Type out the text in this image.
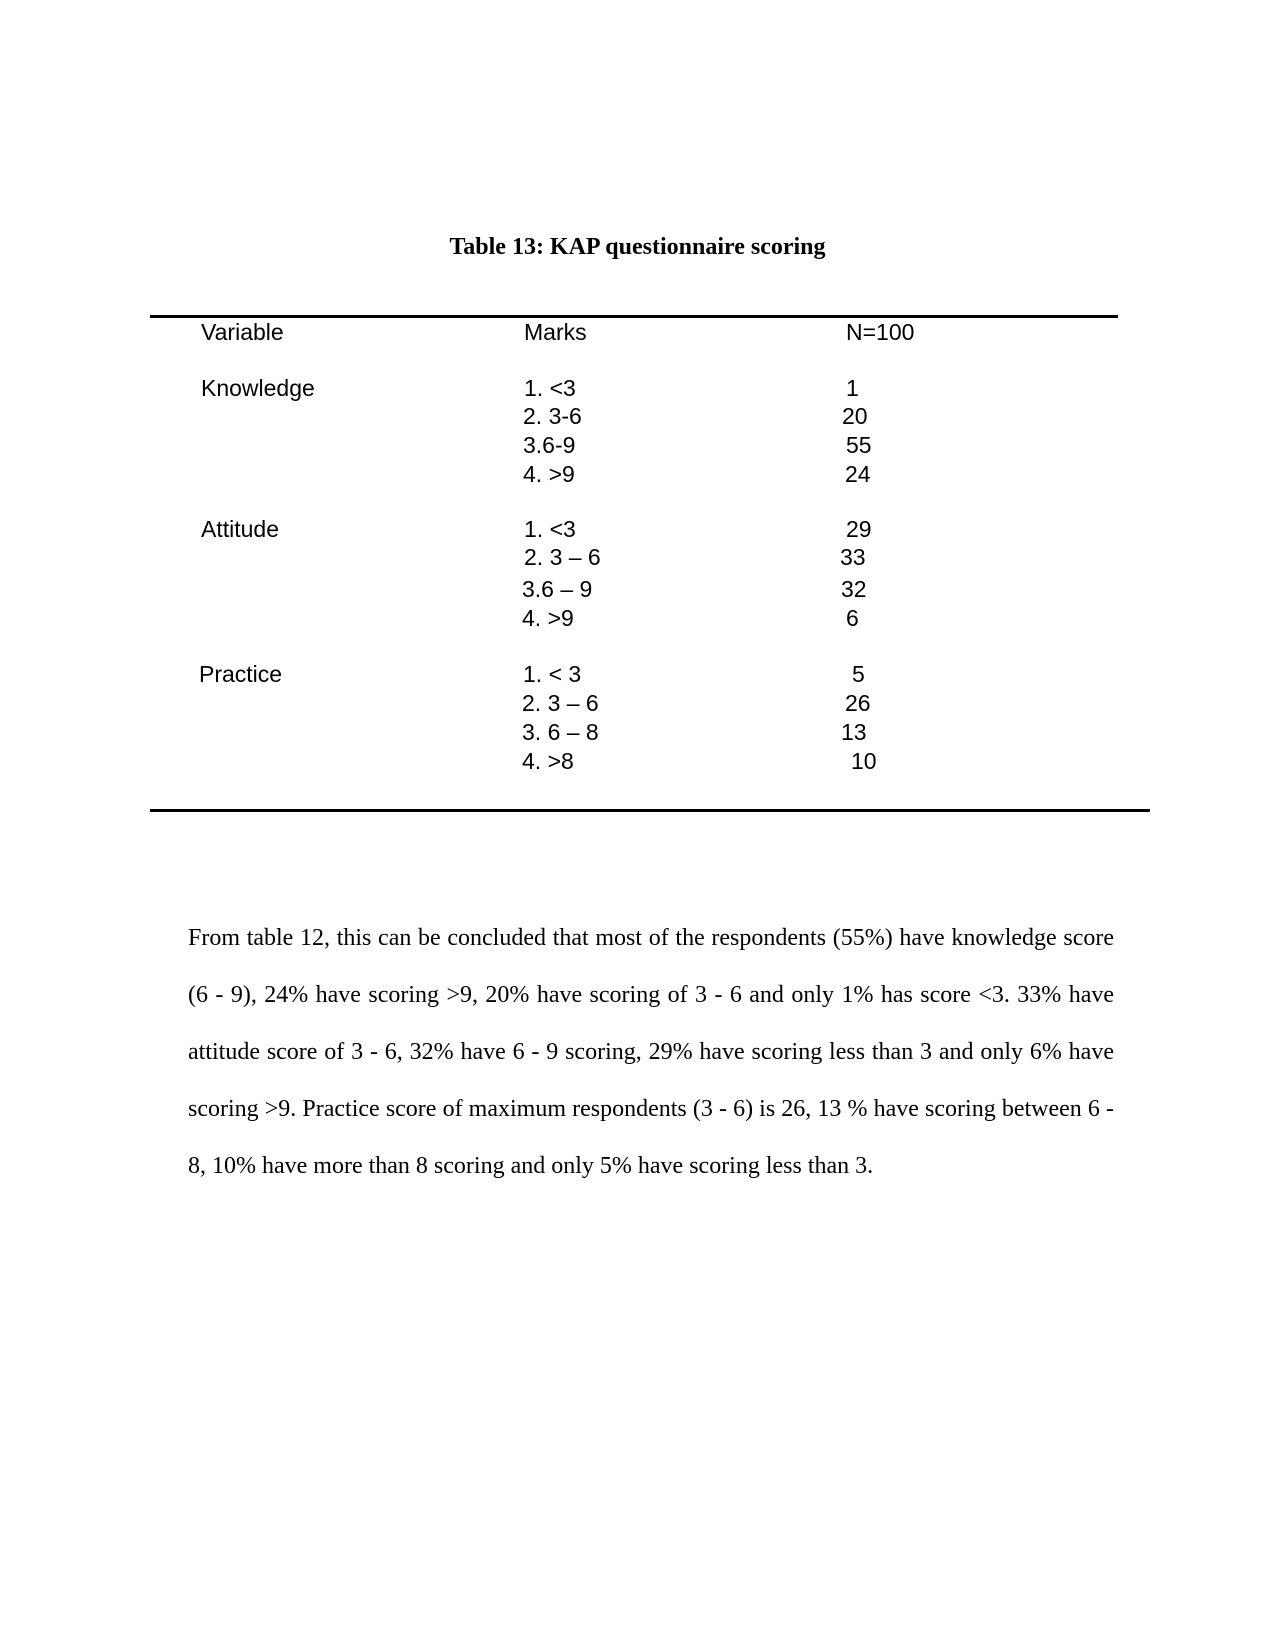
Table 13: KAP questionnaire scoring
Variable	Marks	N=100
Knowledge	1. <3	1
2. 3-6	20
3.6-9	55
4. >9	24
Attitude	1. <3	29
2. 3 – 6	33
3.6 – 9	32
4. >9	6
Practice	1. < 3	5
2. 3 – 6	26
3. 6 – 8	13
4. >8	10

From table 12, this can be concluded that most of the respondents (55%) have knowledge score (6 - 9), 24% have scoring >9, 20% have scoring of 3 - 6 and only 1% has score <3. 33% have attitude score of 3 - 6, 32% have 6 - 9 scoring, 29% have scoring less than 3 and only 6% have scoring >9. Practice score of maximum respondents (3 - 6) is 26, 13 % have scoring between 6 - 8, 10% have more than 8 scoring and only 5% have scoring less than 3.
